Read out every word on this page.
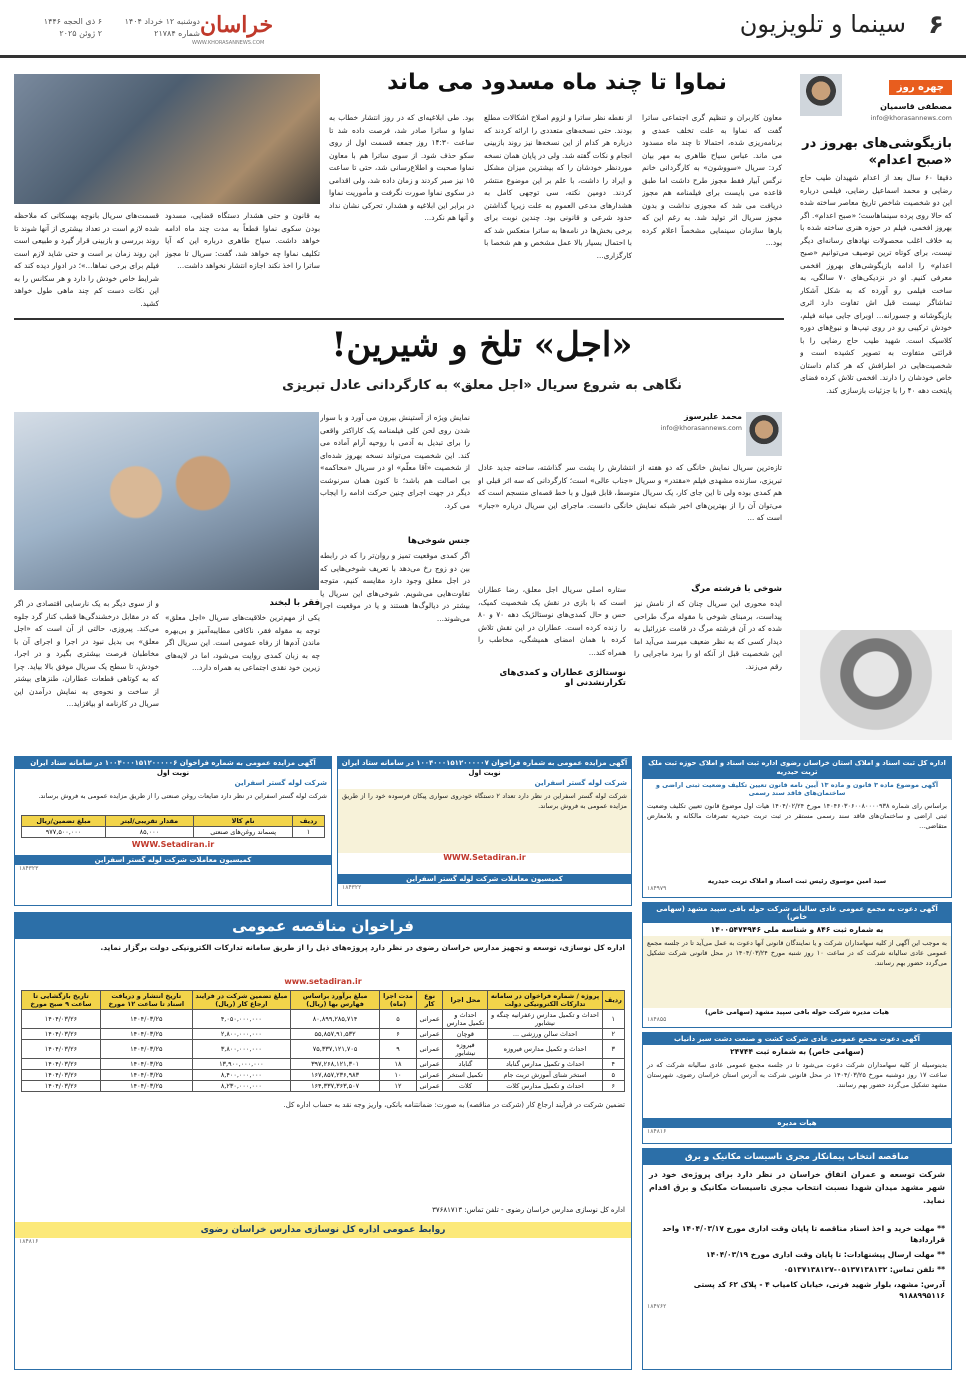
۶
سینما و تلویزیون
خراسان
WWW.KHORASANNEWS.COM
دوشنبه ۱۲ خرداد ۱۴۰۴
شماره ۲۱۷۸۴
۶ ذی الحجه ۱۴۴۶
۲ ژوئن ۲۰۲۵
چهره روز
مصطفی قاسمیان
info@khorasannews.com
بازیگوشی‌های بهروز در «صبح اعدام»
دقیقا ۶۰ سال بعد از اعدام شهیدان طیب حاج رضایی و محمد اسماعیل رضایی، فیلمی درباره این دو شخصیت شاخص تاریخ معاصر ساخته شده که حالا روی پرده سینماهاست؛ «صبح اعدام». اگر بهروز افخمی، فیلم در حوزه هنری ساخته شده با به خلاف اغلب محصولات نهادهای رسانه‌ای دیگر نیست، برای کوتاه ترین توصیف می‌توانیم «صبح اعدام» را ادامه بازیگوشی‌های بهروز افخمی معرفی کنیم. او در نزدیکی‌های ۷۰ سالگی، به ساخت فیلمی رو آورده که به شکل آشکار تماشاگر نیست قبل اش تفاوت دارد اثری بازیگوشانه و جسورانه... اوبرای جایی میانه فیلم، خودش ترکیبی رو در روی تیپ‌ها و نبوغ‌های دوره کلاسیک است. شهید طیب حاج رضایی را با قرائتی متفاوت به تصویر کشیده است و شخصیت‌هایی در اطرافش که هر کدام داستان خاص خودشان را دارند. افخمی تلاش کرده فضای پایتخت دهه ۴۰ را با جزئیات بازسازی کند.
نماوا تا چند ماه مسدود می ماند
معاون کاربران و تنظیم گری اجتماعی ساترا گفت که نماوا به علت تخلف عمدی و برنامه‌ریزی شده، احتمالا تا چند ماه مسدود می ماند. عباس سیاح طاهری به مهر بیان کرد: سریال «سووشون» به کارگردانی خانم نرگس آبیار فقط مجوز طرح داشت اما طبق قاعده می بایست برای فیلمنامه هم مجوز دریافت می شد که مجوزی نداشت و بدون مجوز سریال اثر تولید شد. به رغم این که بارها سازمان سینمایی مشخصاً اعلام کرده بود...
از نقطه نظر ساترا و لزوم اصلاح اشکالات مطلع بودند. حتی نسخه‌های متعددی را ارائه کردند که درباره هر کدام از این نسخه‌ها نیز روند بازبینی انجام و نکات گفته شد. ولی در پایان همان نسخه موردنظر خودشان را که بیشترین میزان مشکل و ایراد را داشت، با علم بر این موضوع منتشر کردند. دومین نکته، سی توجهی کامل به هشدارهای مدعی العموم به علت زیرپا گذاشتن حدود شرعی و قانونی بود. چندین نوبت برای برخی بخش‌ها در نامه‌ها به ساترا منعکس شد که با احتمال بسیار بالا عمل مشخص و هم شخصا با کارگزاری...
بود. طی ابلاغیه‌ای که در روز انتشار خطاب به نماوا و ساترا صادر شد، فرصت داده شد تا ساعت ۱۴:۳۰ روز جمعه قسمت اول از روی سکو حذف شود. از سوی ساترا هم با معاون نماوا صحبت و اطلاع‌رسانی شد، حتی تا ساعت ۱۵ نیز صبر کردند و زمان داده شد، ولی اقدامی در سکوی نماوا صورت نگرفت و مأموریت نماوا در برابر این ابلاغیه و هشدار، تحرکی نشان نداد و آنها هم نکرد...
به قانون و حتی هشدار دستگاه قضایی، مسدود بودن سکوی نماوا قطعاً به مدت چند ماه ادامه خواهد داشت. سیاح طاهری درباره این که آیا تکلیف نماوا چه خواهد شد، گفت: سریال تا مجوز ساترا را اخذ نکند اجازه انتشار نخواهد داشت...
قسمت‌های سریال بانوچه بهسکانی که ملاحظه شده لازم است در تعداد بیشتری از آنها شوند تا روند بررسی و بازبینی قرار گیرد و طبیعی است این روند زمان بر است و حتی شاید لازم است فیلم برای برخی نماها...»؛ در ادوار دیده کند که شرایط خاص خودش را دارد و هر سکانس را به این نکات دست کم چند ماهی طول خواهد کشید.
«اجل» تلخ و شیرین!
نگاهی به شروع سریال «اجل معلق» به کارگردانی عادل تبریزی
محمد علیرسوز
info@khorasannews.com
تازه‌ترین سریال نمایش خانگی که دو هفته از انتشارش را پشت سر گذاشته، ساخته جدید عادل تبریزی، سازنده مشهدی فیلم «مقتدر» و سریال «جناب عالی» است؛ کارگردانی که سه اثر قبلی او هم کمدی بوده ولی تا این جای کار، یک سریال متوسط، قابل قبول و با خط قصه‌ای منسجم است که می‌توان آن را از بهترین‌های اخیر شبکه نمایش خانگی دانست. ماجرای این سریال درباره «جبار» است که ...
نمایش ویژه از آستینش بیرون می آورد و با سوار شدن روی لحن کلی فیلمنامه یک کاراکتر واقعی را برای تبدیل به آدمی با روحیه آرام آماده می کند. این شخصیت می‌تواند نسخه بهروز شده‌ای از شخصیت «آقا معلّم» او در سریال «محاکمه» بی اصالت هم باشد؛ تا کنون همان سرنوشت دیگر در جهت اجرای چنین حرکت ادامه را ایجاب می کرد.
شوخی با فرشته مرگ
ایده محوری این سریال چنان که از نامش نیز پیداست، برمبنای شوخی با مقوله مرگ طراحی شده که در آن فرشته مرگ در قامت عزرائیل به دیدار کسی که به نظر ضعیف میرسد می‌آید اما این شخصیت قبل از آنکه او را ببرد ماجرایی را رقم می‌زند.
نوستالژی عطاران و کمدی‌های تکرارنشدنی او
ستاره اصلی سریال اجل معلق، رضا عطاران است که با بازی در نقش یک شخصیت کمیک، حس و حال کمدی‌های نوستالژیک دهه ۷۰ و ۸۰ را زنده کرده است. عطاران در این نقش تلاش کرده با همان امضای همیشگی، مخاطب را همراه کند...
جنس شوخی‌ها
اگر کمدی موقعیت تمیز و روان‌تر را که در رابطه بین دو زوج رخ می‌دهد با تعریف شوخی‌هایی که در اجل معلق وجود دارد مقایسه کنیم، متوجه تفاوت‌هایی می‌شویم. شوخی‌های این سریال یا بیشتر در دیالوگ‌ها هستند و یا در موقعیت اجرا می‌شوند...
فقر با لبخند
یکی از مهم‌ترین خلاقیت‌های سریال «اجل معلق» توجه به مقوله فقر، ناکافی مطایبه‌آمیز و بی‌بهره ماندن آدم‌ها از رفاه عمومی است. این سریال اگر چه به زبان کمدی روایت می‌شود، اما در لایه‌های زیرین خود نقدی اجتماعی به همراه دارد...
و از سوی دیگر به یک نارسایی اقتصادی در اگر که در مقابل درخشندگی‌ها قطب کنار گرد جلوه می‌کند. پیروزی، حالتی از آن است که «اجل معلق» بی بدیل نبود در اجرا و اجرای آن با مخاطبان فرصت بیشتری بگیرد و در اجرا، خودش، تا سطح یک سریال موفق بالا بیاید. چرا که به کوتاهی قطعات عطاران، طنزهای بیشتر از ساخت و نحوه‌ی به نمایش درآمدن این سریال در کارنامه او بیافزاید...
اداره کل ثبت اسناد و املاک استان خراسان رضوی اداره ثبت اسناد و املاک حوزه ثبت ملک تربت حیدریه
آگهی موضوع ماده ۳ قانون و ماده ۱۳ آیین نامه قانون تعیین تکلیف وضعیت ثبتی اراضی و ساختمان‌های فاقد سند رسمی
براساس رای شماره ۱۴۰۴۶۰۳۰۶۰۰۸۰۰۰۰۹۳۸ مورخ ۱۴۰۴/۰۲/۲۴ هیات اول موضوع قانون تعیین تکلیف وضعیت ثبتی اراضی و ساختمان‌های فاقد سند رسمی مستقر در ثبت تربت حیدریه تصرفات مالکانه و بلامعارض متقاضی...
سید امین موسوی رئیس ثبت اسناد و املاک تربت حیدریه
۱۸۴۹۷۹
آگهی مزایده عمومی به شماره فراخوان ۱۰۰۴۰۰۰۱۵۱۲۰۰۰۰۰۷ در سامانه ستاد ایران
نوبت اول
شرکت لوله گستر اسفراین
شرکت لوله گستر اسفراین در نظر دارد تعداد ۲ دستگاه خودروی سواری پیکان فرسوده خود را از طریق مزایده عمومی به فروش برساند.
WWW.Setadiran.ir
کمیسیون معاملات شرکت لوله گستر اسفراین
۱۸۴۳۲۲
آگهی مزایده عمومی به شماره فراخوان ۱۰۰۴۰۰۰۱۵۱۲۰۰۰۰۰۶ در سامانه ستاد ایران
نوبت اول
شرکت لوله گستر اسفراین
شرکت لوله گستر اسفراین در نظر دارد ضایعات روغن صنعتی را از طریق مزایده عمومی به فروش برساند.
ردیف	نام کالا	مقدار تقریبی/لیتر	مبلغ تضمین/ریال
۱	پسماند روغن‌های صنعتی	۸۵,۰۰۰	۹۷۷,۵۰۰,۰۰۰
WWW.Setadiran.ir
کمیسیون معاملات شرکت لوله گستر اسفراین
۱۸۴۳۲۳
آگهی دعوت به مجمع عمومی عادی سالیانه شرکت حوله بافی سپید مشهد (سهامی خاص)
به شماره ثبت ۸۴۶ و شناسه ملی ۱۴۰۰۵۴۷۴۹۴۶
به موجب این آگهی از کلیه سهامداران شرکت و یا نمایندگان قانونی آنها دعوت به عمل می‌آید تا در جلسه مجمع عمومی عادی سالیانه شرکت که در ساعت ۱۰ روز شنبه مورخ ۱۴۰۴/۰۳/۲۴ در محل قانونی شرکت تشکیل می‌گردد حضور بهم رسانند.
هیات مدیره شرکت حوله بافی سپید مشهد (سهامی خاص)
۱۸۴۸۵۵
آگهی دعوت مجمع عمومی عادی شرکت کشت و صنعت دشت سبز دانیاب
(سهامی خاص) به شماره ثبت ۲۴۷۴۴
بدینوسیله از کلیه سهامداران شرکت دعوت می‌شود تا در جلسه مجمع عمومی عادی سالیانه شرکت که در ساعت ۱۷ روز دوشنبه مورخ ۱۴۰۴/۰۳/۲۵ در محل قانونی شرکت به آدرس استان خراسان رضوی، شهرستان مشهد تشکیل می‌گردد حضور بهم رسانند.
هیات مدیره
۱۸۴۸۱۶
فراخوان مناقصه عمومی
اداره کل نوسازی، توسعه و تجهیز مدارس خراسان رضوی در نظر دارد پروژه‌های ذیل را از طریق سامانه تدارکات الکترونیکی دولت برگزار نماید.
www.setadiran.ir
ردیف	پروژه / شماره فراخوان در سامانه تدارکات الکترونیکی دولت	محل اجرا	نوع کار	مدت اجرا (ماه)	مبلغ برآورد براساس فهارس بها (ریال)	مبلغ تضمین شرکت در فرایند ارجاع کار (ریال)	تاریخ انتشار و دریافت اسناد تا ساعت ۱۲ مورخ	تاریخ بازگشایی تا ساعت ۹ صبح مورخ
۱	احداث و تکمیل مدارس زعفرانیه چنگه و نیشابور	احداث و تکمیل مدارس	عمرانی	۵	۸۰,۸۹۹,۲۸۵,۷۱۴	۴,۰۵۰,۰۰۰,۰۰۰	۱۴۰۴/۰۳/۲۵	۱۴۰۴/۰۳/۲۶
۲	احداث سالن ورزشی ...	قوچان	عمرانی	۶	۵۵,۸۵۷,۹۱,۵۳۲	۲,۸۰۰,۰۰۰,۰۰۰	۱۴۰۴/۰۳/۲۵	۱۴۰۴/۰۳/۲۶
۳	احداث و تکمیل مدارس فیروزه	فیروزه نیشابور	عمرانی	۹	۷۵,۳۳۷,۱۲۱,۷۰۵	۳,۸۰۰,۰۰۰,۰۰۰	۱۴۰۴/۰۳/۲۵	۱۴۰۴/۰۳/۲۶
۴	احداث و تکمیل مدارس گناباد	گناباد	عمرانی	۱۸	۳۹۷,۲۶۸,۱۲۱,۳۰۱	۱۳,۹۰۰,۰۰۰,۰۰۰	۱۴۰۴/۰۳/۲۵	۱۴۰۴/۰۳/۲۶
۵	استخر شنای آموزش تربت جام	تکمیل استخر	عمرانی	۱۰	۱۶۷,۸۵۷,۲۳۶,۹۸۳	۸,۴۰۰,۰۰۰,۰۰۰	۱۴۰۴/۰۳/۲۵	۱۴۰۴/۰۳/۲۶
۶	احداث و تکمیل مدارس کلات	کلات	عمرانی	۱۲	۱۶۴,۳۳۷,۳۶۳,۵۰۷	۸,۲۳۰,۰۰۰,۰۰۰	۱۴۰۴/۰۳/۲۵	۱۴۰۴/۰۳/۲۶
تضمین شرکت در فرآیند ارجاع کار (شرکت در مناقصه) به صورت: ضمانتنامه بانکی، واریز وجه نقد به حساب اداره کل.
اداره کل نوسازی مدارس خراسان رضوی - تلفن تماس: ۳۷۶۸۱۷۱۳
روابط عمومی اداره کل نوسازی مدارس خراسان رضوی
۱۸۴۸۱۶
مناقصه انتخاب پیمانکار مجری تاسیسات مکانیک و برق
شرکت توسعه و عمران اتفاق خراسان در نظر دارد برای پروژه‌ی خود در شهر مشهد میدان شهدا نسبت انتخاب مجری تاسیسات مکانیک و برق اقدام نماید.
** مهلت خرید و اخذ اسناد مناقصه تا پایان وقت اداری مورخ ۱۴۰۴/۰۳/۱۷ واحد قراردادها
** مهلت ارسال پیشنهادات: تا پایان وقت اداری مورخ ۱۴۰۴/۰۳/۱۹
** تلفن تماس: ۰۵۱۳۷۱۳۸۱۳۲-۰۵۱۳۷۱۳۸۱۲۷
آدرس: مشهد، بلوار شهید فرنی، خیابان کامیاب ۴ - پلاک ۶۲ کد پستی ۹۱۸۸۹۹۵۱۱۶
۱۸۴۷۶۲
